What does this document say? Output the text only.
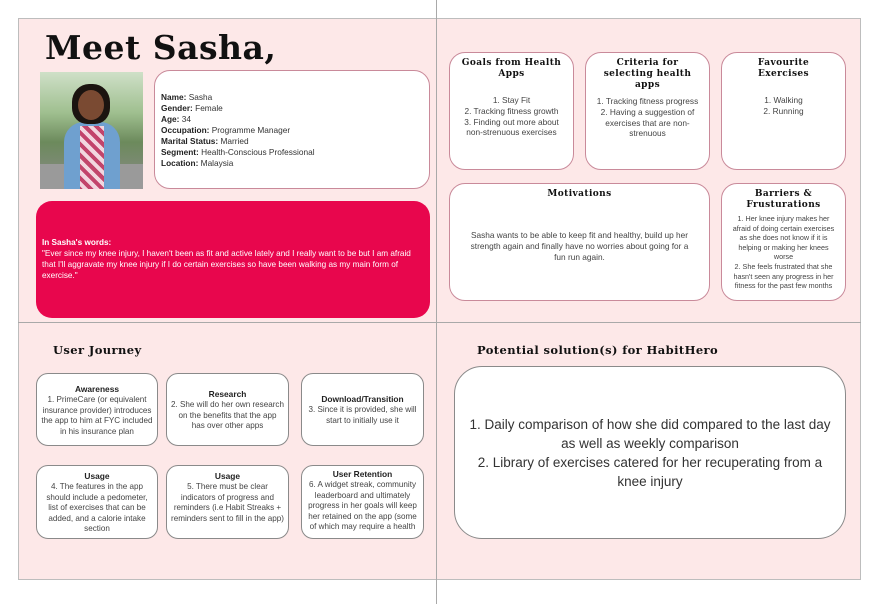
Meet Sasha,
Name: Sasha
Gender: Female
Age: 34
Occupation: Programme Manager
Marital Status: Married
Segment: Health-Conscious Professional
Location: Malaysia
In Sasha's words:
"Ever since my knee injury, I haven't been as fit and active lately and I really want to be but I am afraid that I'll aggravate my knee injury if I do certain exercises so have been walking as my main form of exercise."
Goals from Health Apps
1. Stay Fit
2. Tracking fitness growth
3. Finding out more about non-strenuous exercises
Criteria for selecting health apps
1. Tracking fitness progress
2. Having a suggestion of exercises that are non-strenuous
Favourite Exercises
1. Walking
2. Running
Motivations
Sasha wants to be able to keep fit and healthy, build up her strength again and finally have no worries about going for a fun run again.
Barriers & Frusturations
1. Her knee injury makes her afraid of doing certain exercises as she does not know if it is helping or making her knees worse
2. She feels frustrated that she hasn't seen any progress in her fitness for the past few months
User Journey
Awareness
1. PrimeCare (or equivalent insurance provider) introduces the app to him at FYC included in his insurance plan
Research
2. She will do her own research on the benefits that the app has over other apps
Download/Transition
3. Since it is provided, she will start to initially use it
Usage
4. The features in the app should include a pedometer, list of exercises that can be added, and a calorie intake section
Usage
5. There must be clear indicators of progress and reminders (i.e Habit Streaks + reminders sent to fill in the app)
User Retention
6. A widget streak, community leaderboard and ultimately progress in her goals will keep her retained on the app (some of which may require a health
Potential solution(s) for HabitHero
1. Daily comparison of how she did compared to the last day as well as weekly comparison
2. Library of exercises catered for her recuperating from a knee injury
